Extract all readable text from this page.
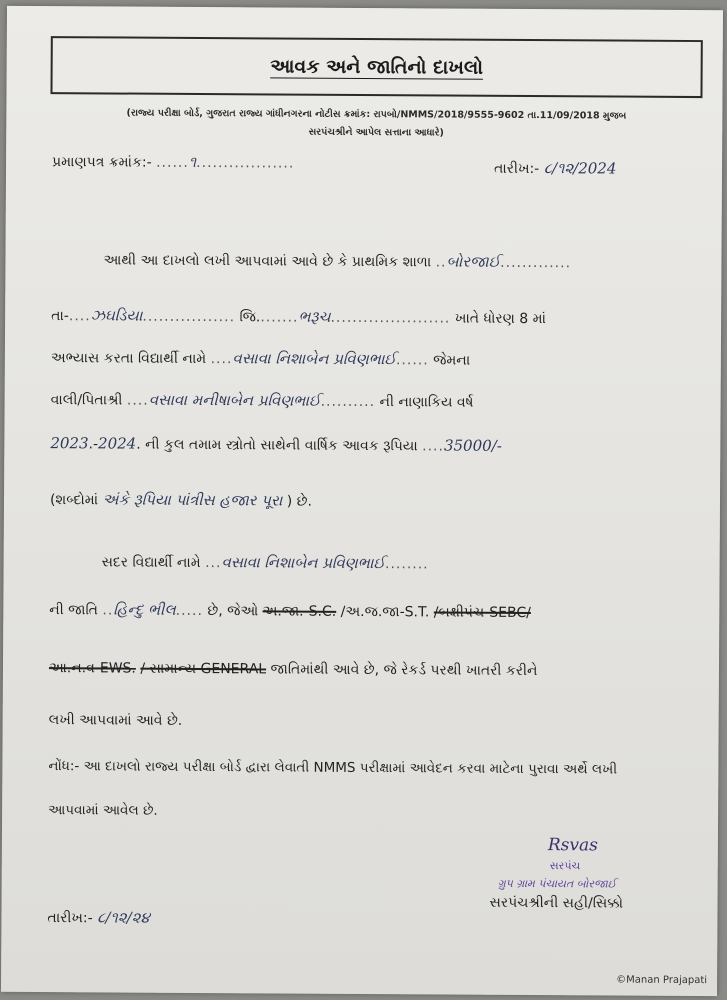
આવક અને જાતિનો દાખલો
(રાજ્ય પરીક્ષા બોર્ડ, ગુજરાત રાજ્ય ગાંધીનગરના નોટીસ ક્રમાંક: રાપબો/NMMS/2018/9555-9602 તા.11/09/2018 મુજબ
સરપંચશ્રીને આપેલ સત્તાના આધારે)
પ્રમાણપત્ર ક્રમાંક:- ......૧..................	તારીખ:- ૮/૧૨/2024
આથી આ દાખલો લખી આપવામાં આવે છે કે પ્રાથમિક શાળા ..બોરજાઈ.............
તા-....ઝઘડિયા................. જિ........ભરૂચ...................... ખાતે ધોરણ 8 માં
અભ્યાસ કરતા વિદ્યાર્થી નામે ....વસાવા નિશાબેન પ્રવિણભાઈ...... જેમના
વાલી/પિતાશ્રી ....વસાવા મનીષાબેન પ્રવિણભાઈ.......... ની નાણાકિય વર્ષ
2023.-2024. ની કુલ તમામ સ્ત્રોતો સાથેની વાર્ષિક આવક રૂપિયા ....35000/-
(શબ્દોમાં અંકે રૂપિયા પાંત્રીસ હજાર પૂરા ) છે.
સદર વિદ્યાર્થી નામે ...વસાવા નિશાબેન પ્રવિણભાઈ........
ની જાતિ ..હિન્દુ ભીલ..... છે, જેઓ અ.જા.-S.C. /અ.જ.જા-S.T. /બક્ષીપંચ-SEBC/
આ.ન.વ-EWS. / સામાન્ય GENERAL જાતિમાંથી આવે છે, જે રેકર્ડ પરથી ખાતરી કરીને
લખી આપવામાં આવે છે.
નોંધ:- આ દાખલો રાજ્ય પરીક્ષા બોર્ડ દ્વારા લેવાતી NMMS પરીક્ષામાં આવેદન કરવા માટેના પુરાવા અર્થે લખી
આપવામાં આવેલ છે.
Rsvas
સરપંચ
ગ્રુપ ગ્રામ પંચાયત બોરજાઈ
સરપંચશ્રીની સહી/સિક્કો
તારીખ:- ૮/૧૨/૨૪
©Manan Prajapati
